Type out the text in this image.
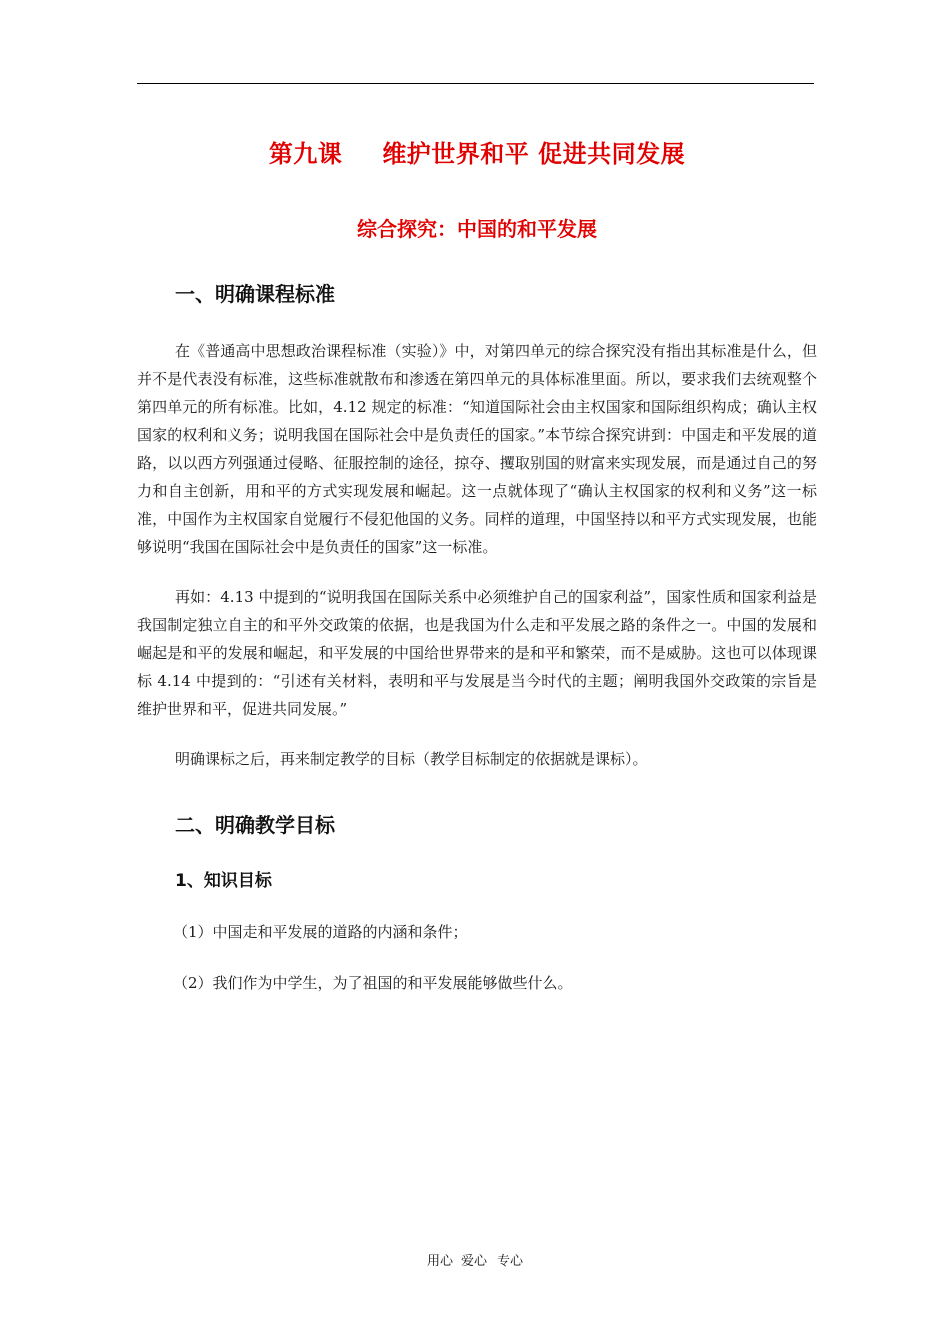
第九课 维护世界和平 促进共同发展
综合探究：中国的和平发展
一、明确课程标准

在《普通高中思想政治课程标准（实验）》中，对第四单元的综合探究没有指出其标准是什么，但并不是代表没有标准，这些标准就散布和渗透在第四单元的具体标准里面。所以，要求我们去统观整个第四单元的所有标准。比如，4.12 规定的标准：“知道国际社会由主权国家和国际组织构成；确认主权国家的权利和义务；说明我国在国际社会中是负责任的国家。”本节综合探究讲到：中国走和平发展的道路，以以西方列强通过侵略、征服控制的途径，掠夺、攫取别国的财富来实现发展，而是通过自己的努力和自主创新，用和平的方式实现发展和崛起。这一点就体现了“确认主权国家的权利和义务”这一标准，中国作为主权国家自觉履行不侵犯他国的义务。同样的道理，中国坚持以和平方式实现发展，也能够说明“我国在国际社会中是负责任的国家”这一标准。

再如：4.13 中提到的“说明我国在国际关系中必须维护自己的国家利益”，国家性质和国家利益是我国制定独立自主的和平外交政策的依据，也是我国为什么走和平发展之路的条件之一。中国的发展和崛起是和平的发展和崛起，和平发展的中国给世界带来的是和平和繁荣，而不是威胁。这也可以体现课标 4.14 中提到的：“引述有关材料，表明和平与发展是当今时代的主题；阐明我国外交政策的宗旨是维护世界和平，促进共同发展。”

明确课标之后，再来制定教学的目标（教学目标制定的依据就是课标）。

二、明确教学目标
1、知识目标
（1）中国走和平发展的道路的内涵和条件；
（2）我们作为中学生，为了祖国的和平发展能够做些什么。
用心 爱心 专心
